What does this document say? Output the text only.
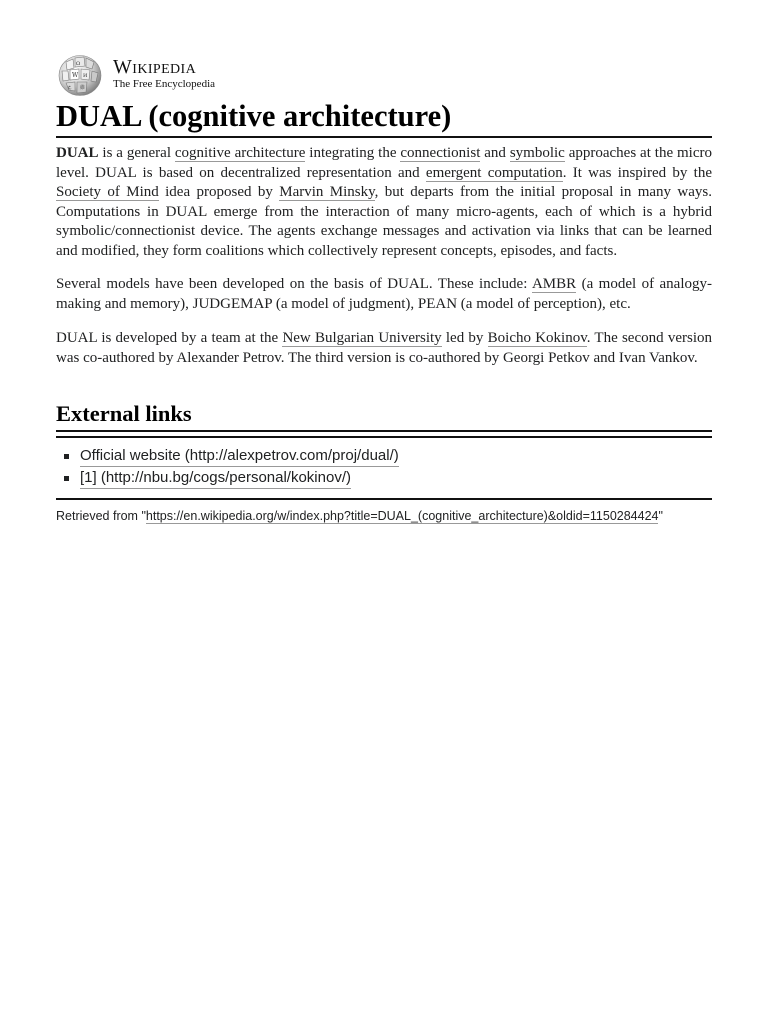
Ω
W И
ح 維
Wikipedia
The Free Encyclopedia
DUAL (cognitive architecture)

DUAL is a general cognitive architecture integrating the connectionist and symbolic approaches at the micro level. DUAL is based on decentralized representation and emergent computation. It was inspired by the Society of Mind idea proposed by Marvin Minsky, but departs from the initial proposal in many ways. Computations in DUAL emerge from the interaction of many micro-agents, each of which is a hybrid symbolic/connectionist device. The agents exchange messages and activation via links that can be learned and modified, they form coalitions which collectively represent concepts, episodes, and facts.

Several models have been developed on the basis of DUAL. These include: AMBR (a model of analogy-making and memory), JUDGEMAP (a model of judgment), PEAN (a model of perception), etc.

DUAL is developed by a team at the New Bulgarian University led by Boicho Kokinov. The second version was co-authored by Alexander Petrov. The third version is co-authored by Georgi Petkov and Ivan Vankov.

External links
Official website (http://alexpetrov.com/proj/dual/)
[1] (http://nbu.bg/cogs/personal/kokinov/)
Retrieved from "https://en.wikipedia.org/w/index.php?title=DUAL_(cognitive_architecture)&oldid=1150284424"
